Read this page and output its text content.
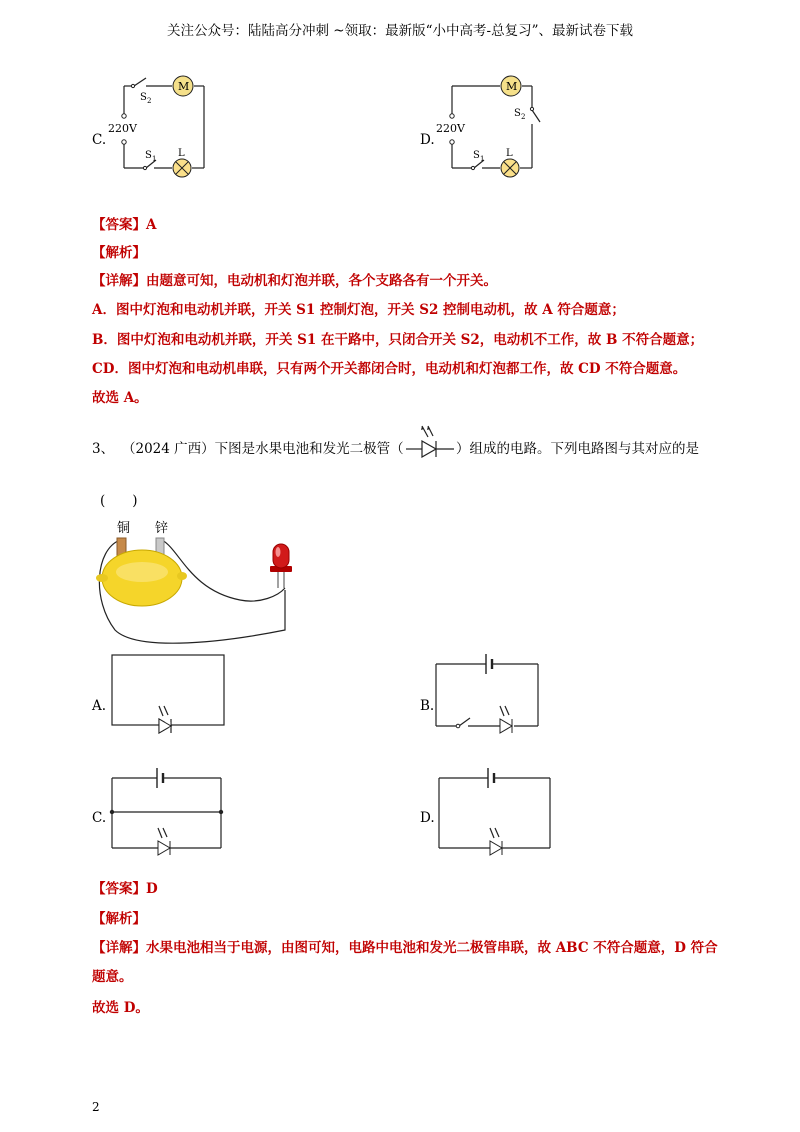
关注公众号：陆陆高分冲刺 ~领取：最新版“小中高考-总复习”、最新试卷下载
C.
M
S 2
220V
S 1 L
D.
M
S 2
220V
S 1 L
【答案】A
【解析】
【详解】由题意可知，电动机和灯泡并联，各个支路各有一个开关。
A．图中灯泡和电动机并联，开关 S1 控制灯泡，开关 S2 控制电动机，故 A 符合题意；
B．图中灯泡和电动机并联，开关 S1 在干路中，只闭合开关 S2，电动机不工作，故 B 不符合题意；
CD．图中灯泡和电动机串联，只有两个开关都闭合时，电动机和灯泡都工作，故 CD 不符合题意。
故选 A。
3、 （2024 广西）下图是水果电池和发光二极管（	）组成的电路。下列电路图与其对应的是
(　　)
铜 锌
A.	B.
C.	D.
【答案】D
【解析】
【详解】水果电池相当于电源，由图可知，电路中电池和发光二极管串联，故 ABC 不符合题意，D 符合
题意。
故选 D。
2
